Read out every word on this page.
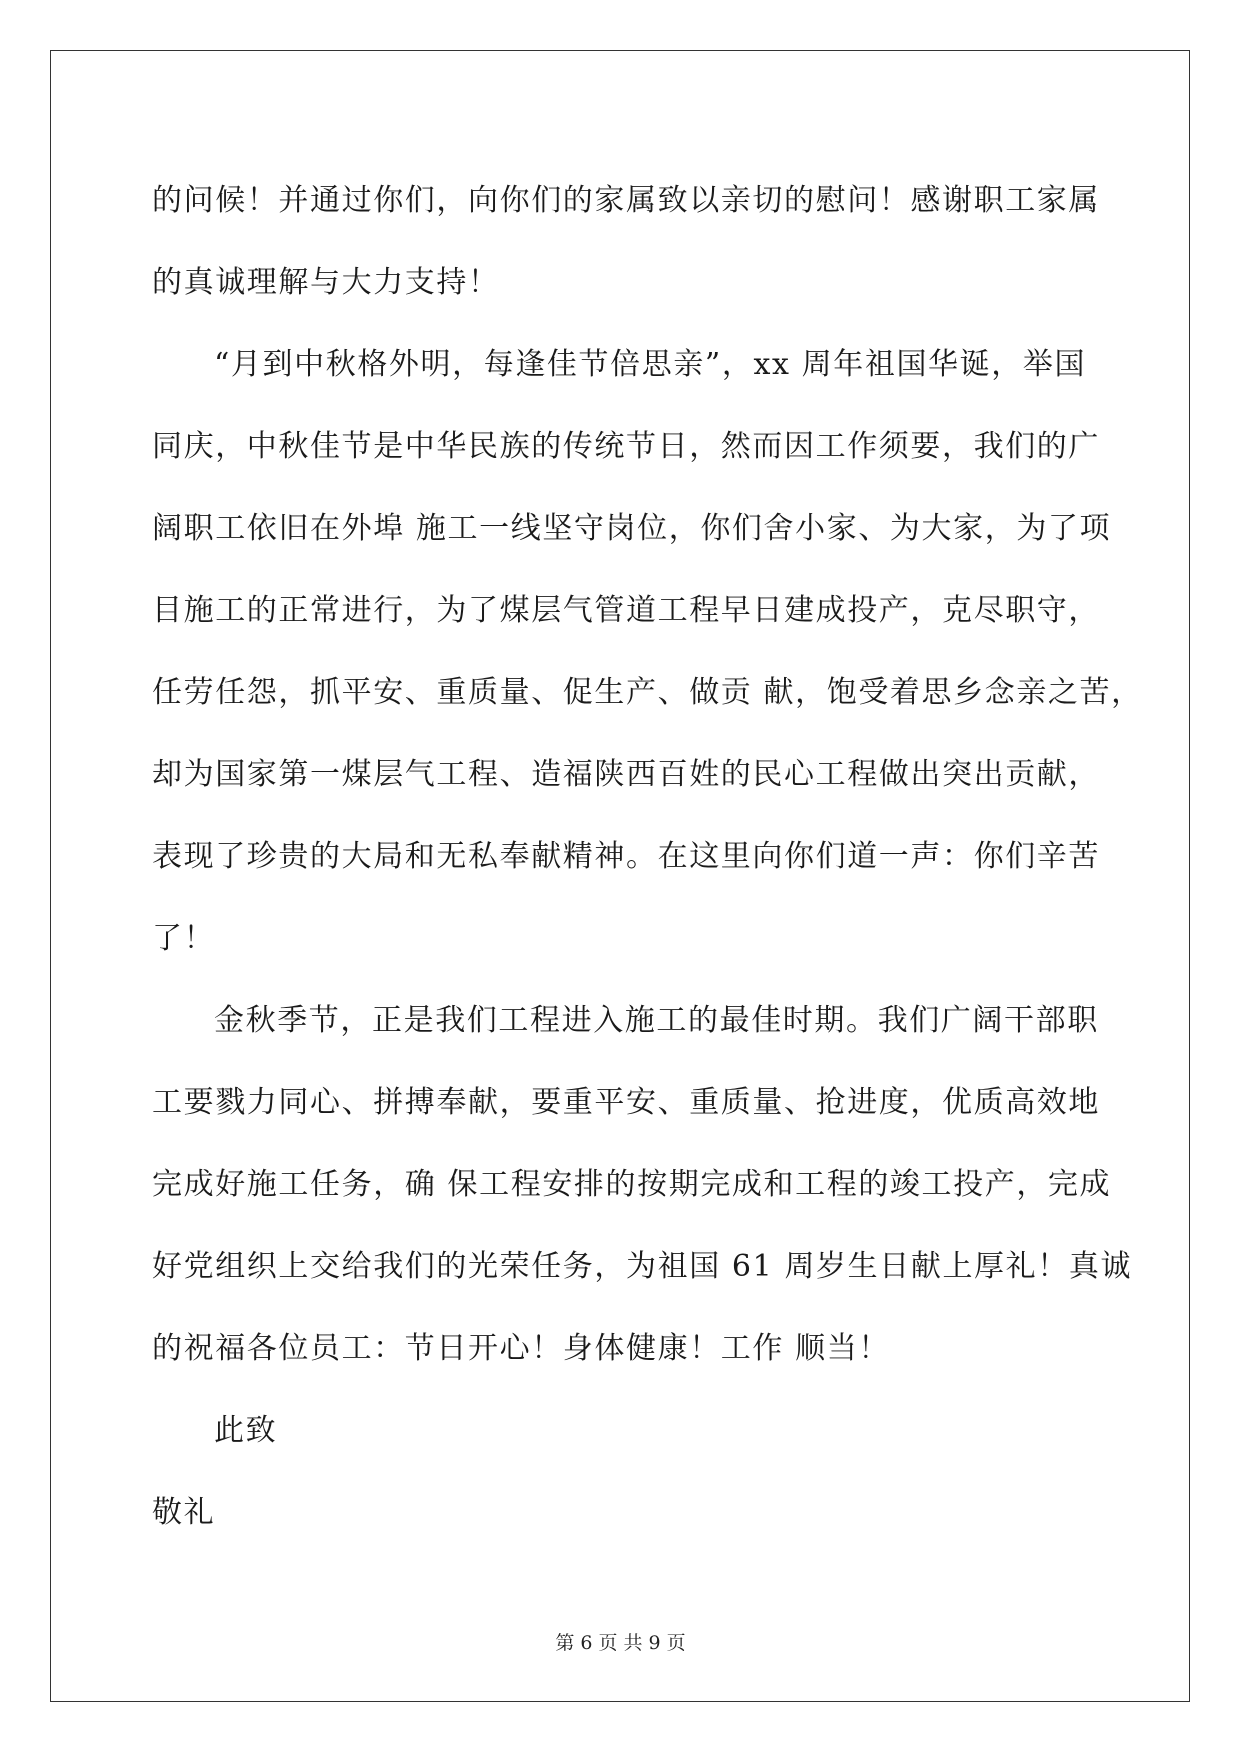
的问候！并通过你们，向你们的家属致以亲切的慰问！感谢职工家属
的真诚理解与大力支持！
“月到中秋格外明，每逢佳节倍思亲”，xx 周年祖国华诞，举国
同庆，中秋佳节是中华民族的传统节日，然而因工作须要，我们的广
阔职工依旧在外埠 施工一线坚守岗位，你们舍小家、为大家，为了项
目施工的正常进行，为了煤层气管道工程早日建成投产，克尽职守，
任劳任怨，抓平安、重质量、促生产、做贡 献，饱受着思乡念亲之苦，
却为国家第一煤层气工程、造福陕西百姓的民心工程做出突出贡献，
表现了珍贵的大局和无私奉献精神。在这里向你们道一声：你们辛苦
了！
金秋季节，正是我们工程进入施工的最佳时期。我们广阔干部职
工要戮力同心、拼搏奉献，要重平安、重质量、抢进度，优质高效地
完成好施工任务，确 保工程安排的按期完成和工程的竣工投产，完成
好党组织上交给我们的光荣任务，为祖国 61 周岁生日献上厚礼！真诚
的祝福各位员工：节日开心！身体健康！工作 顺当！
此致
敬礼
第 6 页 共 9 页
